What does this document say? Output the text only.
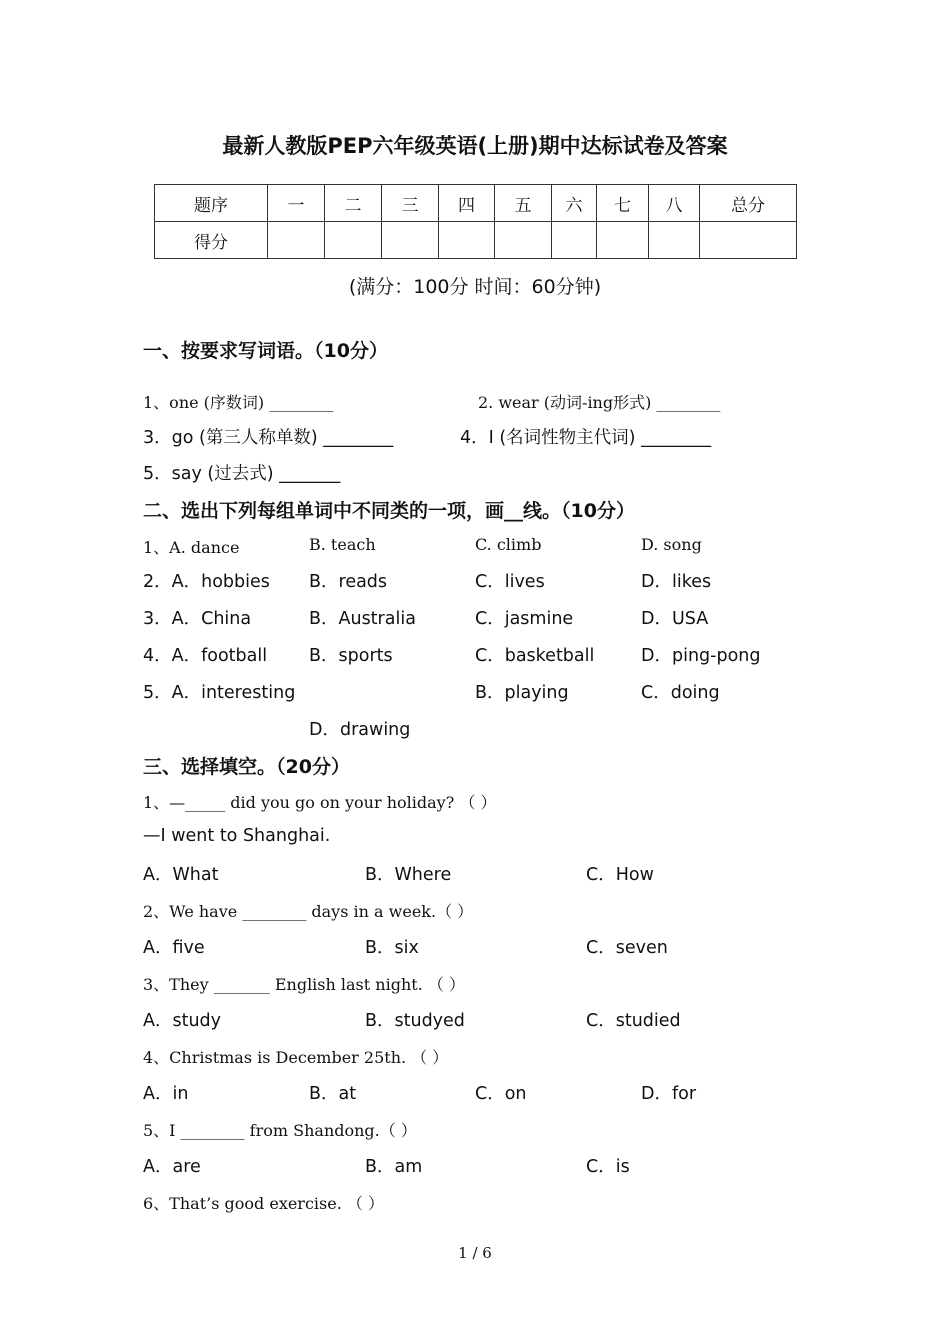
最新人教版PEP六年级英语(上册)期中达标试卷及答案
题序	一	二	三	四	五	六	七	八	总分
得分									
(满分：100分 时间：60分钟)
一、按要求写词语。（10分）
1、one (序数词) ________	2. wear (动词-ing形式) ________
3．go (第三人称单数) ________	4．I (名词性物主代词) ________
5．say (过去式) _______
二、选出下列每组单词中不同类的一项，画__线。（10分）
1、A. dance	B. teach	C. climb	D. song
2．A．hobbies B．reads	C．lives	D．likes
3．A．China	B．Australia	C．jasmine	D．USA
4．A．football B．sports	C．basketball	D．ping-pong
5．A．interesting	B．playing	C．doing
D．drawing
三、选择填空。（20分）
1、—_____ did you go on your holiday? （ ）
—I went to Shanghai.
A．What	B．Where	C．How
2、We have ________ days in a week.（ ）
A．five	B．six	C．seven
3、They _______ English last night. （ ）
A．study	B．studyed	C．studied
4、Christmas is December 25th. （ ）
A．in	B．at	C．on	D．for
5、I ________ from Shandong.（ ）
A．are	B．am	C．is
6、That’s good exercise. （ ）
1 / 6
